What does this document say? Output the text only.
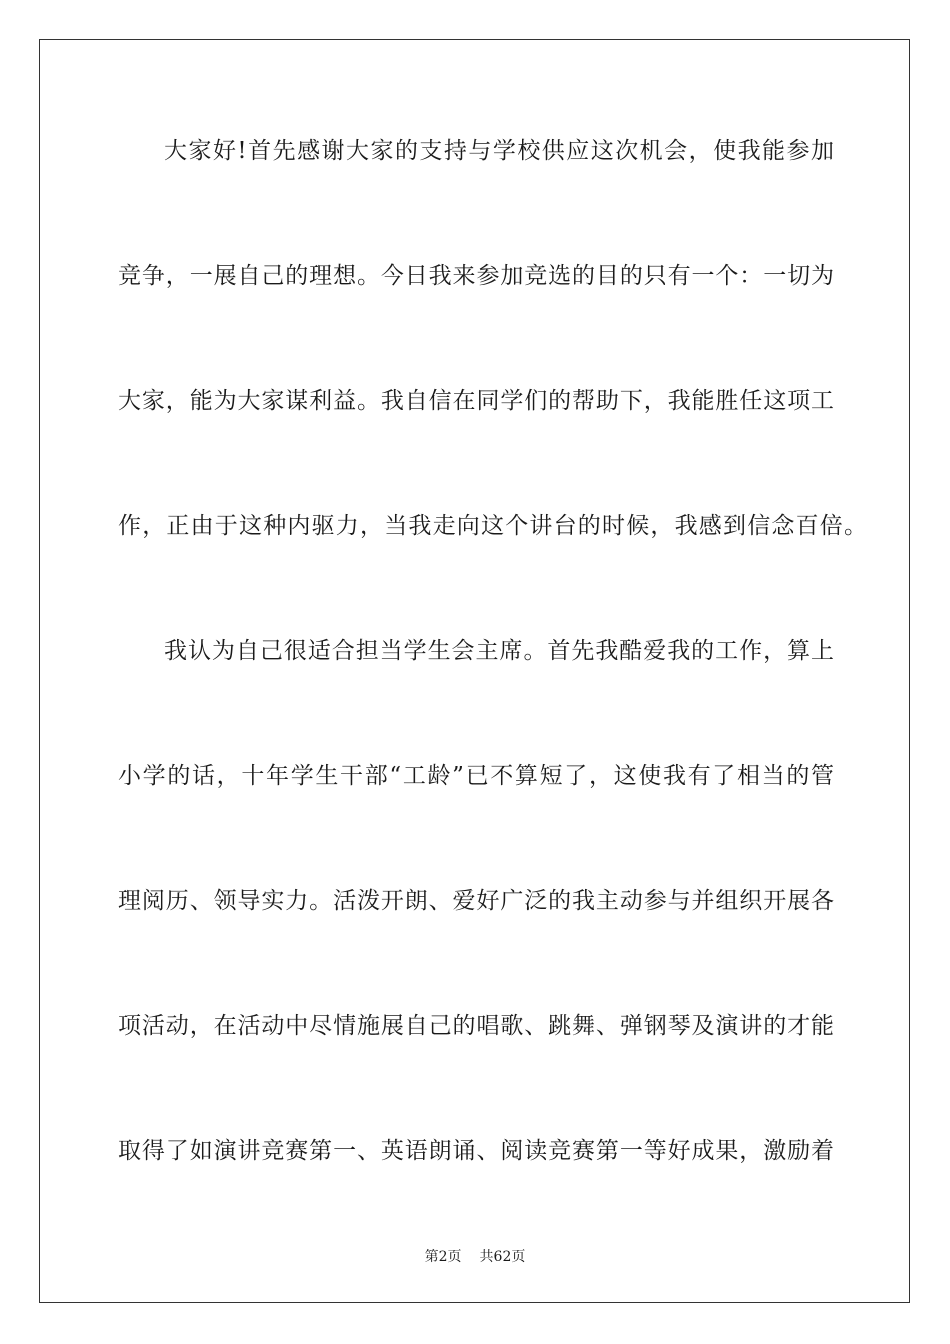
大家好!首先感谢大家的支持与学校供应这次机会，使我能参加
竞争，一展自己的理想。今日我来参加竞选的目的只有一个：一切为
大家，能为大家谋利益。我自信在同学们的帮助下，我能胜任这项工
作，正由于这种内驱力，当我走向这个讲台的时候，我感到信念百倍。
我认为自己很适合担当学生会主席。首先我酷爱我的工作，算上
小学的话，十年学生干部“工龄”已不算短了，这使我有了相当的管
理阅历、领导实力。活泼开朗、爱好广泛的我主动参与并组织开展各
项活动，在活动中尽情施展自己的唱歌、跳舞、弹钢琴及演讲的才能
取得了如演讲竞赛第一、英语朗诵、阅读竞赛第一等好成果，激励着
第2页 共62页
